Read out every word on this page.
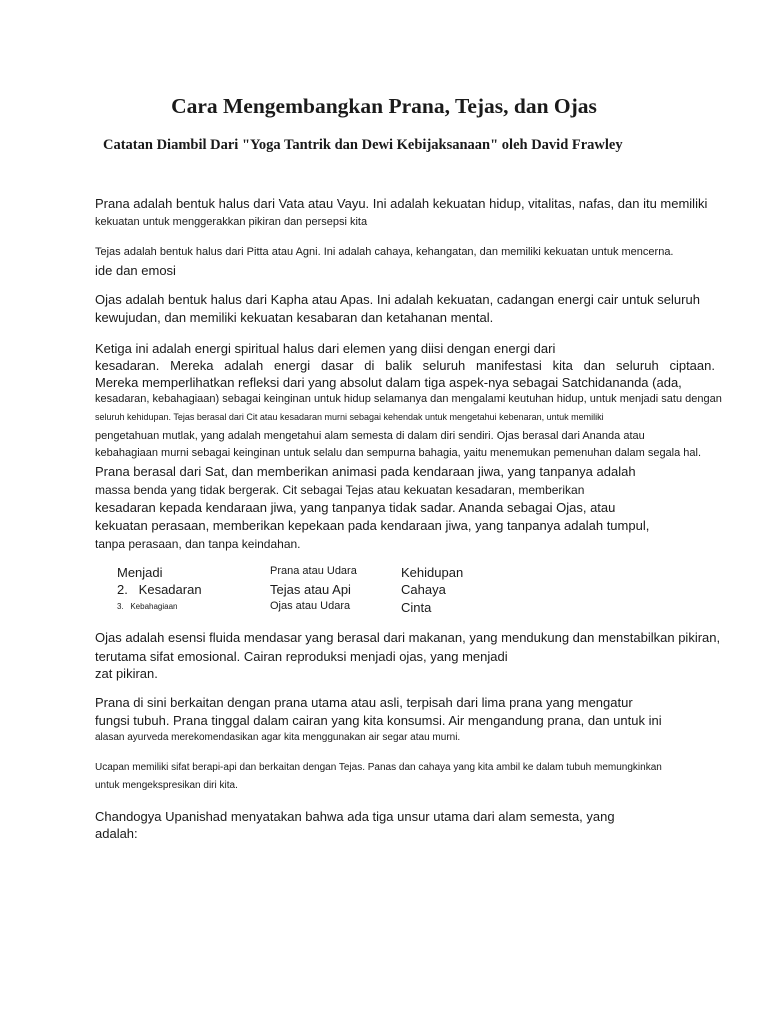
Cara Mengembangkan Prana, Tejas, dan Ojas
Catatan Diambil Dari "Yoga Tantrik dan Dewi Kebijaksanaan" oleh David Frawley
Prana adalah bentuk halus dari Vata atau Vayu. Ini adalah kekuatan hidup, vitalitas, nafas, dan itu memiliki
kekuatan untuk menggerakkan pikiran dan persepsi kita
Tejas adalah bentuk halus dari Pitta atau Agni. Ini adalah cahaya, kehangatan, dan memiliki kekuatan untuk mencerna.
ide dan emosi
Ojas adalah bentuk halus dari Kapha atau Apas. Ini adalah kekuatan, cadangan energi cair untuk seluruh
kewujudan, dan memiliki kekuatan kesabaran dan ketahanan mental.
Ketiga ini adalah energi spiritual halus dari elemen yang diisi dengan energi dari
kesadaran. Mereka adalah energi dasar di balik seluruh manifestasi kita dan seluruh ciptaan.
Mereka memperlihatkan refleksi dari yang absolut dalam tiga aspek-nya sebagai Satchidananda (ada,
kesadaran, kebahagiaan) sebagai keinginan untuk hidup selamanya dan mengalami keutuhan hidup, untuk menjadi satu dengan
seluruh kehidupan. Tejas berasal dari Cit atau kesadaran murni sebagai kehendak untuk mengetahui kebenaran, untuk memiliki
pengetahuan mutlak, yang adalah mengetahui alam semesta di dalam diri sendiri. Ojas berasal dari Ananda atau
kebahagiaan murni sebagai keinginan untuk selalu dan sempurna bahagia, yaitu menemukan pemenuhan dalam segala hal.
Prana berasal dari Sat, dan memberikan animasi pada kendaraan jiwa, yang tanpanya adalah
massa benda yang tidak bergerak. Cit sebagai Tejas atau kekuatan kesadaran, memberikan
kesadaran kepada kendaraan jiwa, yang tanpanya tidak sadar. Ananda sebagai Ojas, atau
kekuatan perasaan, memberikan kepekaan pada kendaraan jiwa, yang tanpanya adalah tumpul,
tanpa perasaan, dan tanpa keindahan.
Menjadi	Prana atau Udara	Kehidupan
2.   Kesadaran	Tejas atau Api	Cahaya
3.   Kebahagiaan	Ojas atau Udara	Cinta
Ojas adalah esensi fluida mendasar yang berasal dari makanan, yang mendukung dan menstabilkan pikiran,
terutama sifat emosional. Cairan reproduksi menjadi ojas, yang menjadi
zat pikiran.
Prana di sini berkaitan dengan prana utama atau asli, terpisah dari lima prana yang mengatur
fungsi tubuh. Prana tinggal dalam cairan yang kita konsumsi. Air mengandung prana, dan untuk ini
alasan ayurveda merekomendasikan agar kita menggunakan air segar atau murni.
Ucapan memiliki sifat berapi-api dan berkaitan dengan Tejas. Panas dan cahaya yang kita ambil ke dalam tubuh memungkinkan
untuk mengekspresikan diri kita.
Chandogya Upanishad menyatakan bahwa ada tiga unsur utama dari alam semesta, yang
adalah:
